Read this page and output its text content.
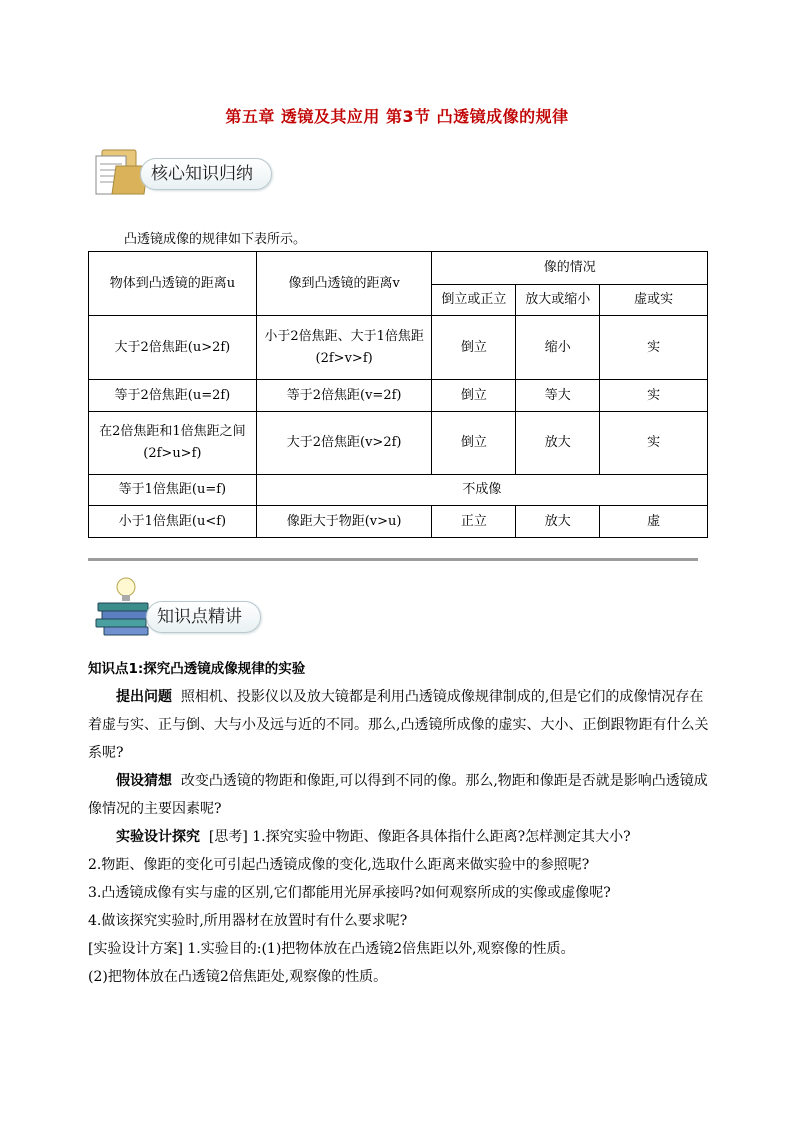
第五章 透镜及其应用 第3节 凸透镜成像的规律
核心知识归纳
凸透镜成像的规律如下表所示。
物体到凸透镜的距离u	像到凸透镜的距离v	像的情况		
		倒立或正立	放大或缩小	虚或实
大于2倍焦距(u>2f)	小于2倍焦距、大于1倍焦距(2f>v>f)	倒立	缩小	实
等于2倍焦距(u=2f)	等于2倍焦距(v=2f)	倒立	等大	实
在2倍焦距和1倍焦距之间(2f>u>f)	大于2倍焦距(v>2f)	倒立	放大	实
等于1倍焦距(u=f)	不成像			
小于1倍焦距(u<f)	像距大于物距(v>u)	正立	放大	虚
知识点精讲

知识点1:探究凸透镜成像规律的实验

提出问题 照相机、投影仪以及放大镜都是利用凸透镜成像规律制成的,但是它们的成像情况存在着虚与实、正与倒、大与小及远与近的不同。那么,凸透镜所成像的虚实、大小、正倒跟物距有什么关系呢?

假设猜想 改变凸透镜的物距和像距,可以得到不同的像。那么,物距和像距是否就是影响凸透镜成像情况的主要因素呢?

实验设计探究 [思考] 1.探究实验中物距、像距各具体指什么距离?怎样测定其大小?

2.物距、像距的变化可引起凸透镜成像的变化,选取什么距离来做实验中的参照呢?

3.凸透镜成像有实与虚的区别,它们都能用光屏承接吗?如何观察所成的实像或虚像呢?

4.做该探究实验时,所用器材在放置时有什么要求呢?

[实验设计方案] 1.实验目的:(1)把物体放在凸透镜2倍焦距以外,观察像的性质。

(2)把物体放在凸透镜2倍焦距处,观察像的性质。
